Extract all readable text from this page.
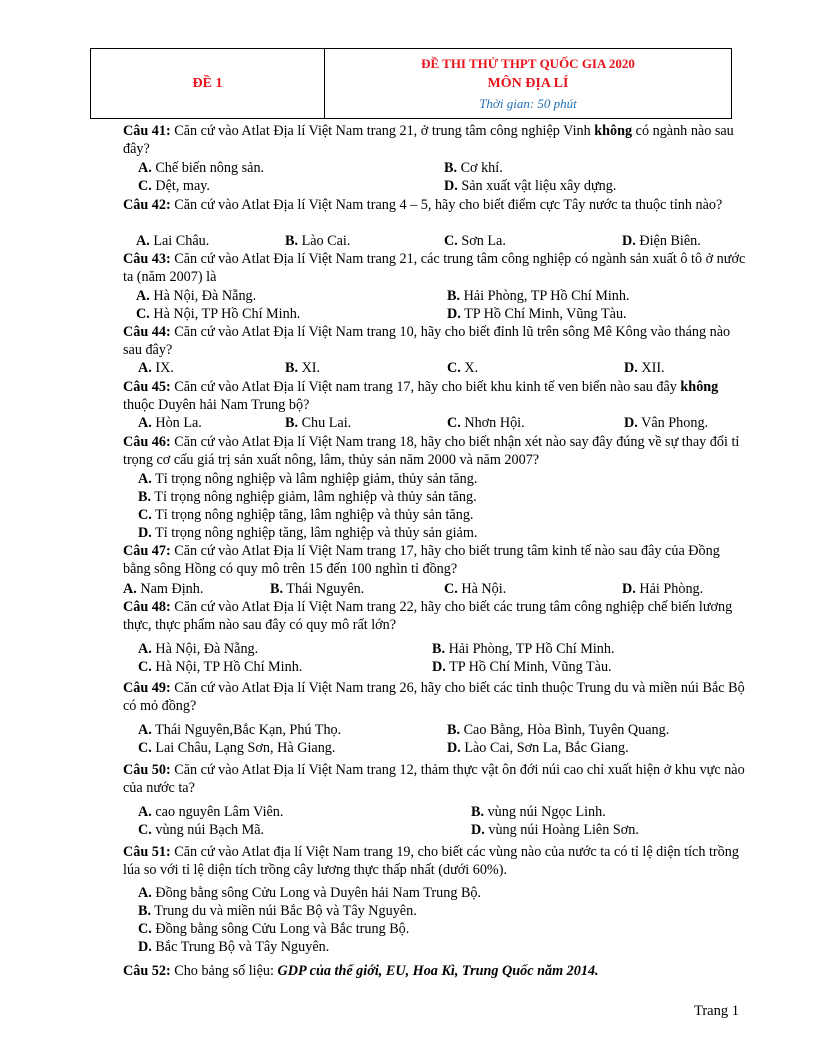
ĐỀ 1
ĐỀ THI THỬ THPT QUỐC GIA 2020
MÔN ĐỊA LÍ
Thời gian: 50 phút

Câu 41: Căn cứ vào Atlat Địa lí Việt Nam trang 21, ở trung tâm công nghiệp Vinh không có ngành nào sau đây?

A. Chế biến nông sản.	B. Cơ khí.
C. Dệt, may.	D. Sản xuất vật liệu xây dựng.

Câu 42: Căn cứ vào Atlat Địa lí Việt Nam trang 4 – 5, hãy cho biết điểm cực Tây nước ta thuộc tỉnh nào?

A. Lai Châu.	B. Lào Cai.	C. Sơn La.	D. Điện Biên.

Câu 43: Căn cứ vào Atlat Địa lí Việt Nam trang 21, các trung tâm công nghiệp có ngành sản xuất ô tô ở nước ta (năm 2007) là

A. Hà Nội, Đà Nẵng.	B. Hải Phòng, TP Hồ Chí Minh.
C. Hà Nội, TP Hồ Chí Minh.	D. TP Hồ Chí Minh, Vũng Tàu.

Câu 44: Căn cứ vào Atlat Địa lí Việt Nam trang 10, hãy cho biết đỉnh lũ trên sông Mê Kông vào tháng nào sau đây?

A. IX.	B. XI.	C. X.	D. XII.

Câu 45: Căn cứ vào Atlat Địa lí Việt nam trang 17, hãy cho biết khu kinh tế ven biển nào sau đây không thuộc Duyên hải Nam Trung bộ?

A. Hòn La.	B. Chu Lai.	C. Nhơn Hội.	D. Vân Phong.

Câu 46: Căn cứ vào Atlat Địa lí Việt Nam trang 18, hãy cho biết nhận xét nào say đây đúng về sự thay đổi tỉ trọng cơ cấu giá trị sản xuất nông, lâm, thủy sản năm 2000 và năm 2007?

A. Tỉ trọng nông nghiệp và lâm nghiệp giảm, thủy sản tăng.
B. Tỉ trọng nông nghiệp giảm, lâm nghiệp và thủy sản tăng.
C. Tỉ trọng nông nghiệp tăng, lâm nghiệp và thủy sản tăng.
D. Tỉ trọng nông nghiệp tăng, lâm nghiệp và thủy sản giảm.

Câu 47: Căn cứ vào Atlat Địa lí Việt Nam trang 17, hãy cho biết trung tâm kinh tế nào sau đây của Đồng bằng sông Hồng có quy mô trên 15 đến 100 nghìn tỉ đồng?

A. Nam Định.	B. Thái Nguyên.	C. Hà Nội.	D. Hải Phòng.

Câu 48: Căn cứ vào Atlat Địa lí Việt Nam trang 22, hãy cho biết các trung tâm công nghiệp chế biến lương thực, thực phẩm nào sau đây có quy mô rất lớn?

A. Hà Nội, Đà Nẵng.	B. Hải Phòng, TP Hồ Chí Minh.
C. Hà Nội, TP Hồ Chí Minh.	D. TP Hồ Chí Minh, Vũng Tàu.

Câu 49: Căn cứ vào Atlat Địa lí Việt Nam trang 26, hãy cho biết các tỉnh thuộc Trung du và miền núi Bắc Bộ có mỏ đồng?

A. Thái Nguyên,Bắc Kạn, Phú Thọ.	B. Cao Bằng, Hòa Bình, Tuyên Quang.
C. Lai Châu, Lạng Sơn, Hà Giang.	D. Lào Cai, Sơn La, Bắc Giang.

Câu 50: Căn cứ vào Atlat Địa lí Việt Nam trang 12, thảm thực vật ôn đới núi cao chỉ xuất hiện ở khu vực nào của nước ta?

A. cao nguyên Lâm Viên.	B. vùng núi Ngọc Linh.
C. vùng núi Bạch Mã.	D. vùng núi Hoàng Liên Sơn.

Câu 51: Căn cứ vào Atlat địa lí Việt Nam trang 19, cho biết các vùng nào của nước ta có tỉ lệ diện tích trồng lúa so với tỉ lệ diện tích trồng cây lương thực thấp nhất (dưới 60%).

A. Đồng bằng sông Cửu Long và Duyên hải Nam Trung Bộ.
B. Trung du và miền núi Bắc Bộ và Tây Nguyên.
C. Đồng bằng sông Cửu Long và Bắc trung Bộ.
D. Bắc Trung Bộ và Tây Nguyên.

Câu 52: Cho bảng số liệu: GDP của thế giới, EU, Hoa Kì, Trung Quốc năm 2014.

Trang 1
